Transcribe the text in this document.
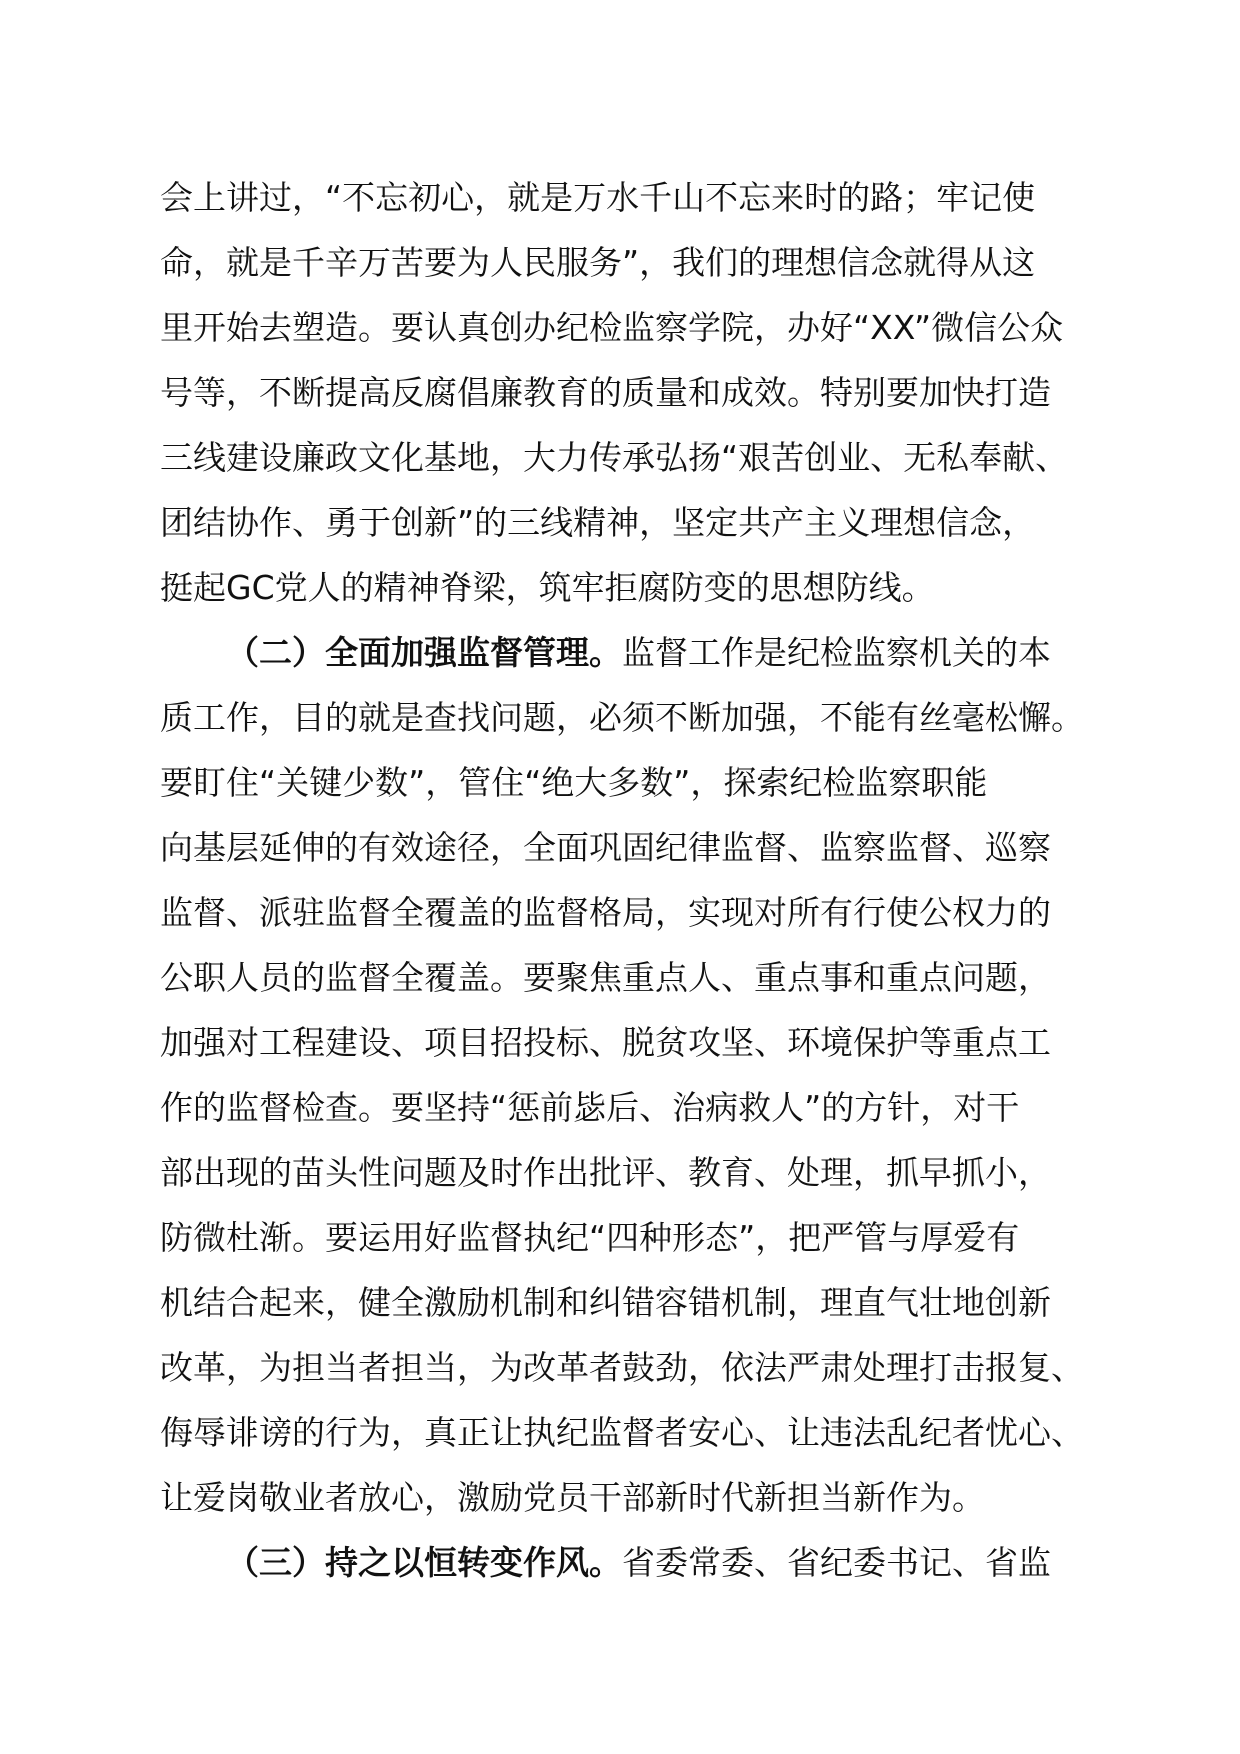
会上讲过，“不忘初心，就是万水千山不忘来时的路；牢记使
命，就是千辛万苦要为人民服务”，我们的理想信念就得从这
里开始去塑造。要认真创办纪检监察学院，办好“XX”微信公众
号等，不断提高反腐倡廉教育的质量和成效。特别要加快打造
三线建设廉政文化基地，大力传承弘扬“艰苦创业、无私奉献、
团结协作、勇于创新”的三线精神，坚定共产主义理想信念，
挺起GC党人的精神脊梁，筑牢拒腐防变的思想防线。

（二）全面加强监督管理。监督工作是纪检监察机关的本
质工作，目的就是查找问题，必须不断加强，不能有丝毫松懈。
要盯住“关键少数”，管住“绝大多数”，探索纪检监察职能
向基层延伸的有效途径，全面巩固纪律监督、监察监督、巡察
监督、派驻监督全覆盖的监督格局，实现对所有行使公权力的
公职人员的监督全覆盖。要聚焦重点人、重点事和重点问题，
加强对工程建设、项目招投标、脱贫攻坚、环境保护等重点工
作的监督检查。要坚持“惩前毖后、治病救人”的方针，对干
部出现的苗头性问题及时作出批评、教育、处理，抓早抓小，
防微杜渐。要运用好监督执纪“四种形态”，把严管与厚爱有
机结合起来，健全激励机制和纠错容错机制，理直气壮地创新
改革，为担当者担当，为改革者鼓劲，依法严肃处理打击报复、
侮辱诽谤的行为，真正让执纪监督者安心、让违法乱纪者忧心、
让爱岗敬业者放心，激励党员干部新时代新担当新作为。

（三）持之以恒转变作风。省委常委、省纪委书记、省监
